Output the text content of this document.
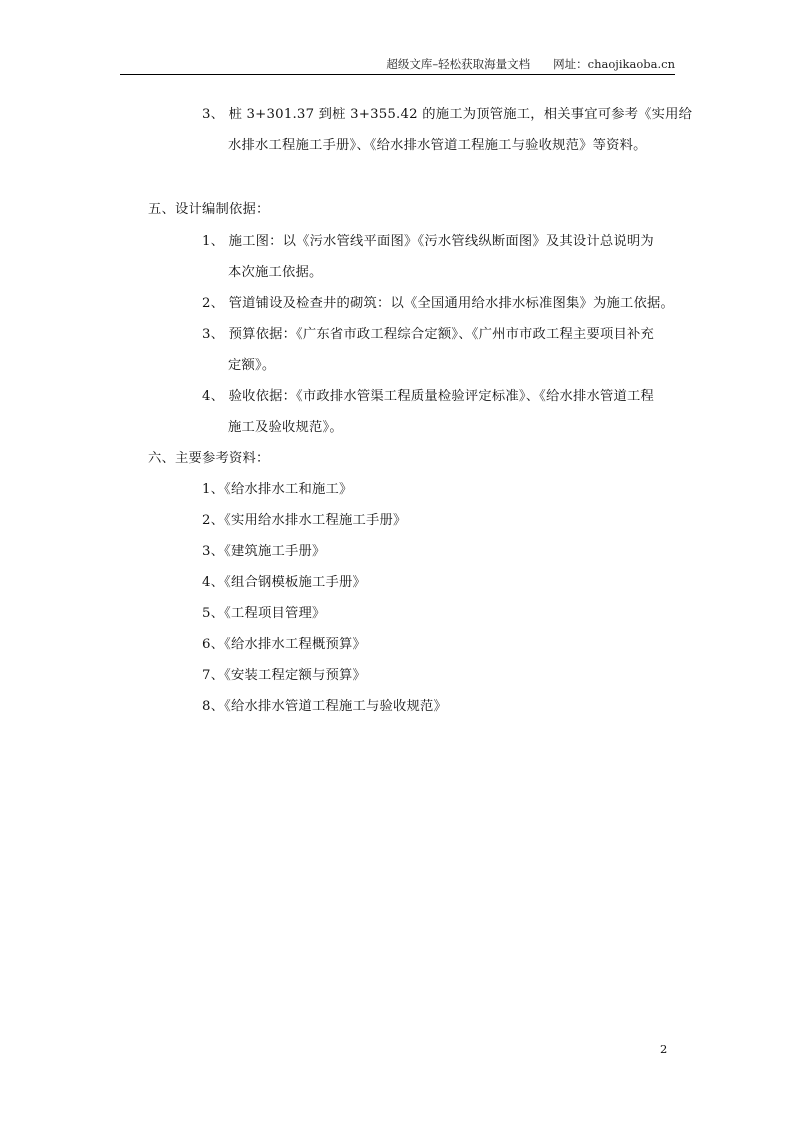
超级文库–轻松获取海量文档　　网址：chaojikaoba.cn
3、 桩 3+301.37 到桩 3+355.42 的施工为顶管施工，相关事宜可参考《实用给
水排水工程施工手册》、《给水排水管道工程施工与验收规范》等资料。
五、设计编制依据：
1、 施工图：以《污水管线平面图》《污水管线纵断面图》及其设计总说明为
本次施工依据。
2、 管道铺设及检查井的砌筑：以《全国通用给水排水标准图集》为施工依据。
3、 预算依据：《广东省市政工程综合定额》、《广州市市政工程主要项目补充
定额》。
4、 验收依据：《市政排水管渠工程质量检验评定标准》、《给水排水管道工程
施工及验收规范》。
六、主要参考资料：
1、《给水排水工和施工》
2、《实用给水排水工程施工手册》
3、《建筑施工手册》
4、《组合钢模板施工手册》
5、《工程项目管理》
6、《给水排水工程概预算》
7、《安装工程定额与预算》
8、《给水排水管道工程施工与验收规范》
2
